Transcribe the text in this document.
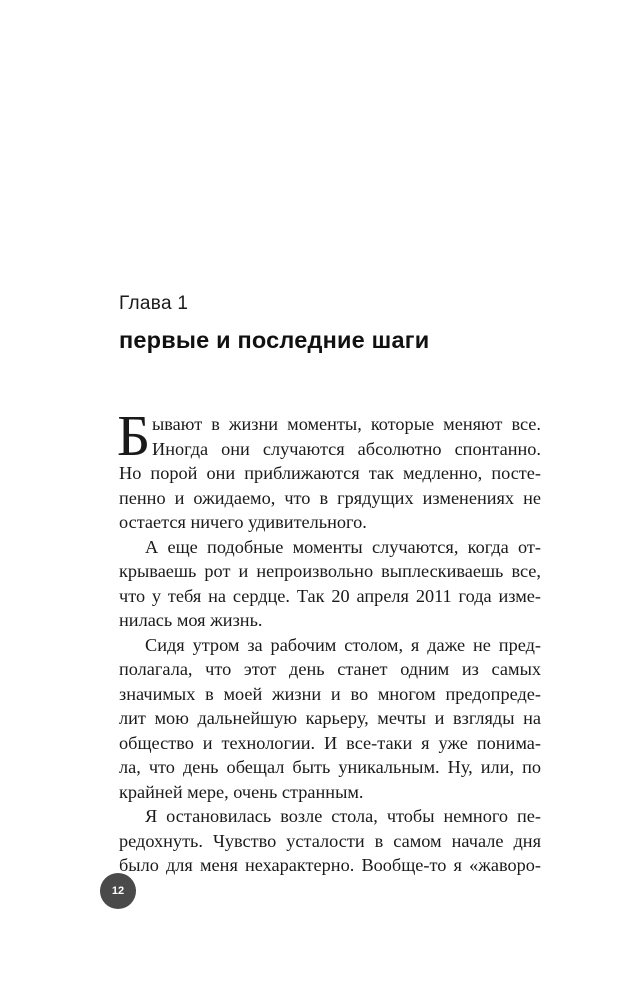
Глава 1
первые и последние шаги
Б ывают в жизни моменты, которые меняют все.
Иногда они случаются абсолютно спонтанно.
Но порой они приближаются так медленно, посте-
пенно и ожидаемо, что в грядущих изменениях не
остается ничего удивительного.
А еще подобные моменты случаются, когда от-
крываешь рот и непроизвольно выплескиваешь все,
что у тебя на сердце. Так 20 апреля 2011 года изме-
нилась моя жизнь.
Сидя утром за рабочим столом, я даже не пред-
полагала, что этот день станет одним из самых
значимых в моей жизни и во многом предопреде-
лит мою дальнейшую карьеру, мечты и взгляды на
общество и технологии. И все-таки я уже понима-
ла, что день обещал быть уникальным. Ну, или, по
крайней мере, очень странным.
Я остановилась возле стола, чтобы немного пе-
редохнуть. Чувство усталости в самом начале дня
было для меня нехарактерно. Вообще-то я «жаворо-
12
